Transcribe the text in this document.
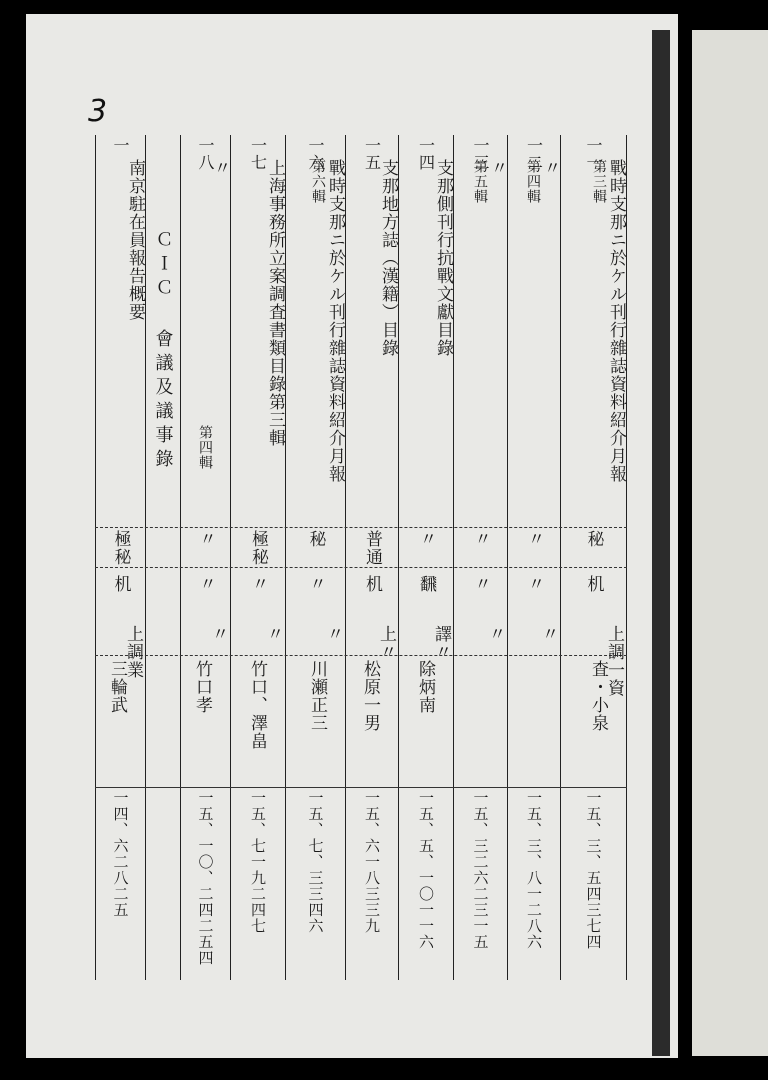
3
一一
戰時支那ニ於ケル刊行雜誌資料紹介月報
第三輯
秘
机
上調一資
査・小泉
一五、三、五四三七四
一二
〃
第四輯
〃
〃
〃
一五、三、八一二八六
一三
〃
第五輯
〃
〃
〃
一五、三二六二三一五
一四
支那側刊行抗戰文獻目錄
〃
飜
譯〃
除炳南
一五、五、一〇一一六
一五
支那地方誌（漢籍）目錄
普通
机
上〃
松原一男
一五、六一八三三九
一六
戰時支那ニ於ケル刊行雜誌資料紹介月報
第六輯
秘
〃
〃
川瀬正三
一五、七、三三四六
一七
上海事務所立案調査書類目錄第三輯
極秘
〃
〃
竹口、澤畠
一五、七一九二四七
一八
〃
第四輯
〃
〃
〃
竹口孝
一五、一〇、二四二五四
ＣＩＣ 會議及議事錄
一
南京駐在員報告概要
極秘
机
上調業
三輪武
一四、六二八二五
